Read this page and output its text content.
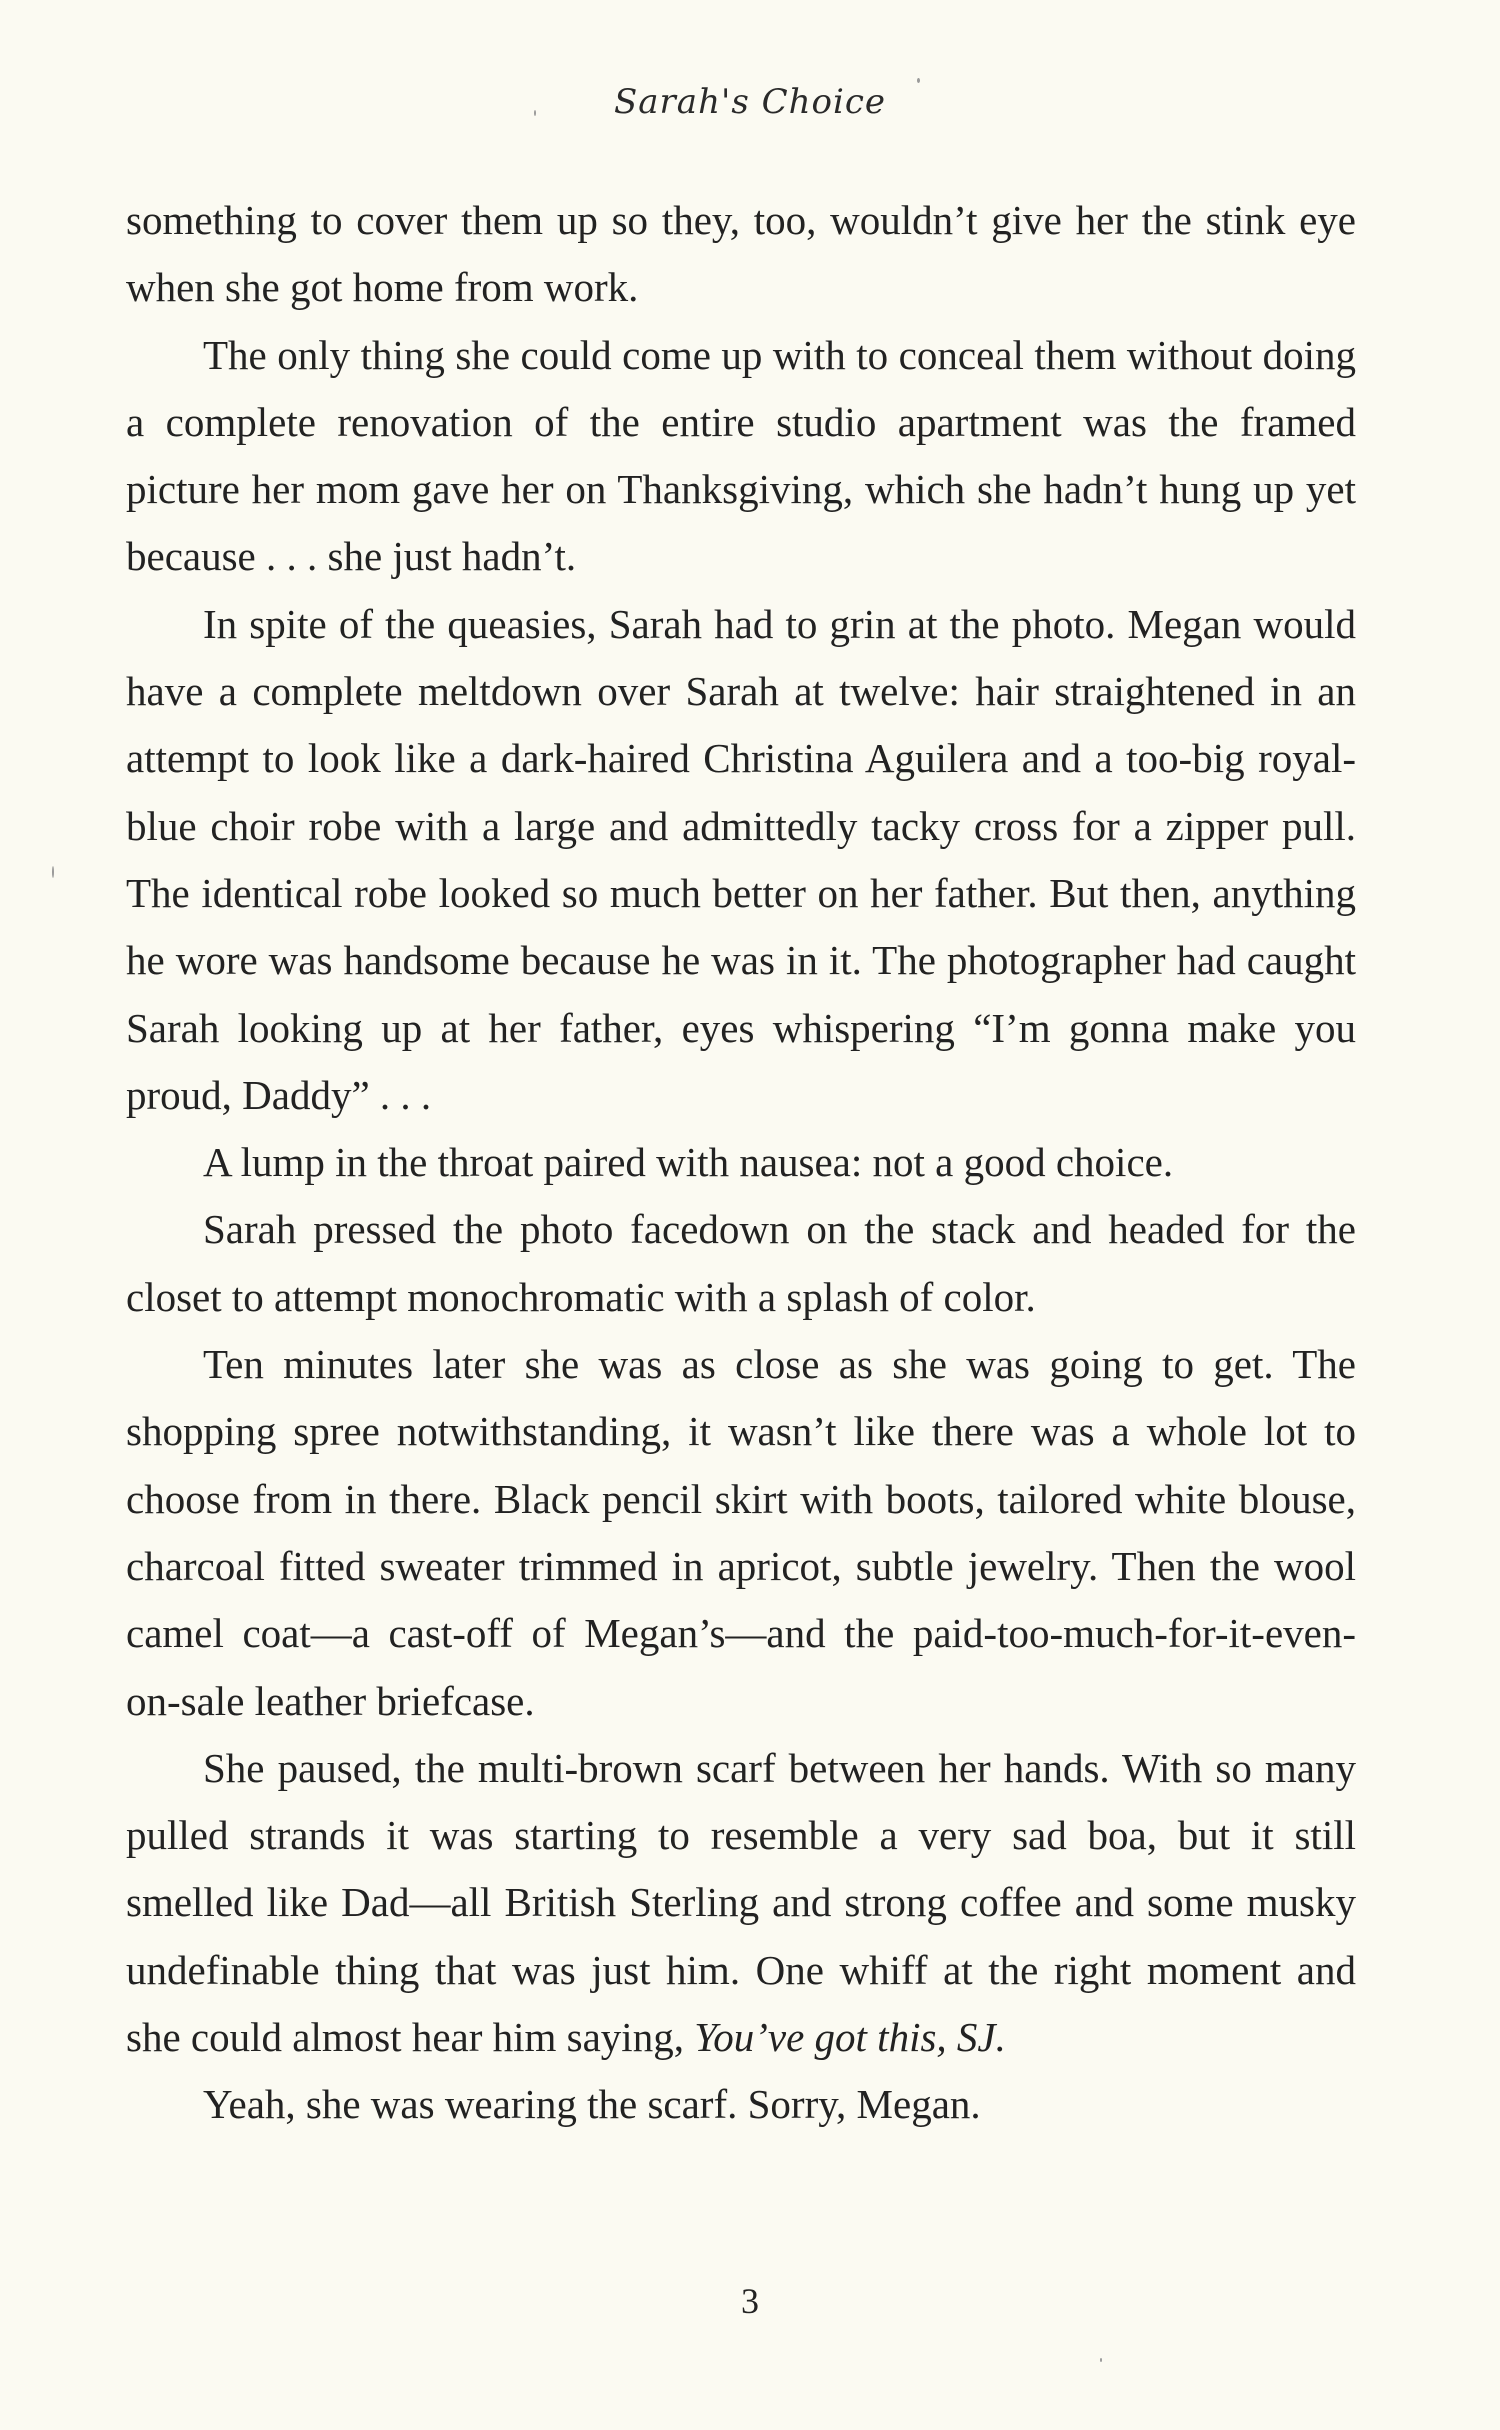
Sarah's Choice

something to cover them up so they, too, wouldn’t give her the stink eye when she got home from work.

The only thing she could come up with to conceal them without doing a complete renovation of the entire studio apartment was the framed picture her mom gave her on Thanksgiving, which she hadn’t hung up yet because . . . she just hadn’t.

In spite of the queasies, Sarah had to grin at the photo. Megan would have a complete meltdown over Sarah at twelve: hair straightened in an attempt to look like a dark-haired Christina Aguilera and a too-big royal-blue choir robe with a large and admittedly tacky cross for a zipper pull. The identical robe looked so much better on her father. But then, anything he wore was handsome because he was in it. The photographer had caught Sarah looking up at her father, eyes whispering “I’m gonna make you proud, Daddy” . . .

A lump in the throat paired with nausea: not a good choice.

Sarah pressed the photo facedown on the stack and headed for the closet to attempt monochromatic with a splash of color.

Ten minutes later she was as close as she was going to get. The shopping spree notwithstanding, it wasn’t like there was a whole lot to choose from in there. Black pencil skirt with boots, tailored white blouse, charcoal fitted sweater trimmed in apricot, subtle jewelry. Then the wool camel coat—a cast-off of Megan’s—and the paid-too-much-for-it-even-on-sale leather briefcase.

She paused, the multi-brown scarf between her hands. With so many pulled strands it was starting to resemble a very sad boa, but it still smelled like Dad—all British Sterling and strong coffee and some musky undefinable thing that was just him. One whiff at the right moment and she could almost hear him saying, You’ve got this, SJ.

Yeah, she was wearing the scarf. Sorry, Megan.

3
